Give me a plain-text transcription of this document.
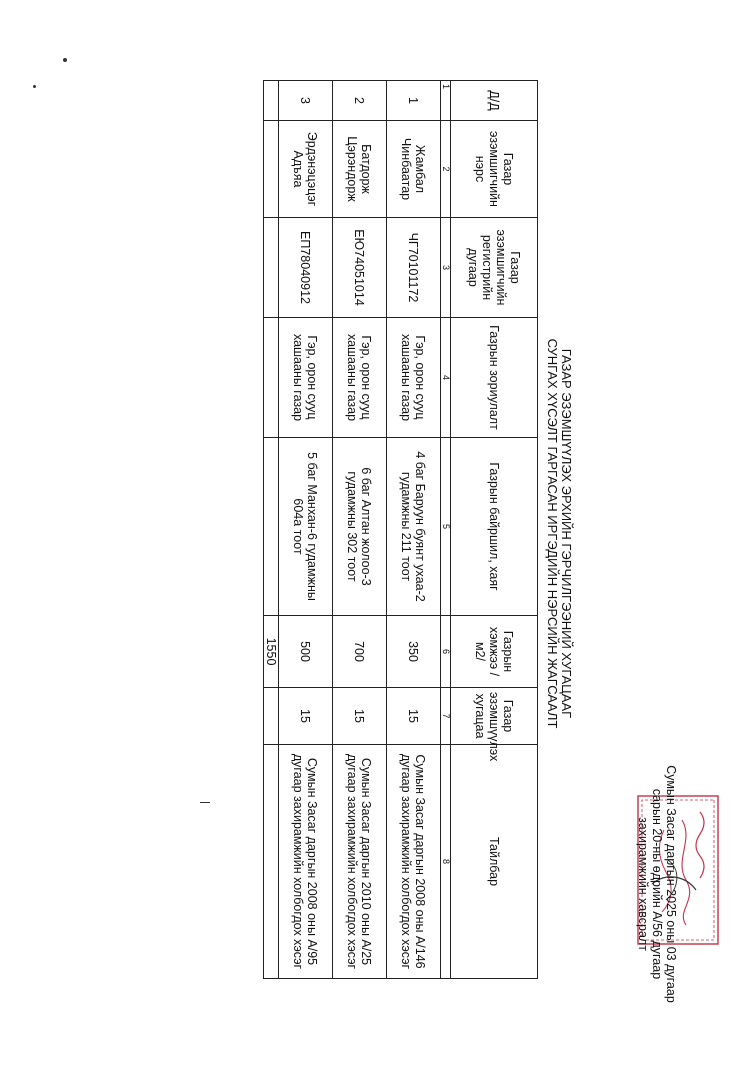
Сумын Засаг даргын 2025 оны 03 дугаар
сарын 20-ны өдрийн А/56 дугаар
захирамжийн хавсралт
ГАЗАР ЭЗЭМШҮҮЛЭХ ЭРХИЙН ГЭРЧИЛГЭЭНИЙ ХУГАЦААГ
СУНГАХ ХҮСЭЛТ ГАРГАСАН ИРГЭДИЙН НЭРСИЙН ЖАГСААЛТ
Д/Д	Газар эзэмшигчийн нэрс	Газар эзэмшигчийн регистрийн дугаар	Газрын зориулалт	Газрын байршил, хаяг	Газрын хэмжээ / м2/	Газар эзэмшүүлэх хугацаа	Тайлбар
1	2	3	4	5	6	7	8
1	Жамбал Чинбаатар	ЧГ70101172	Гэр, орон сууц хашааны газар	4 баг Баруун буянт ухаа-2 гудамжны 211 тоот	350	15	Сумын Засаг даргын 2008 оны А/146 дугаар захирамжийн холбогдох хэсэг
2	Батдорж Цэрэндорж	ЕЮ74051014	Гэр, орон сууц хашааны газар	6 баг Алтан жолоо-3 гудамжны 302 тоот	700	15	Сумын Засаг даргын 2010 оны А/25 дугаар захирамжийн холбогдох хэсэг
3	Эрдэнэцэцэг Адъяа	ЕП78040912	Гэр, орон сууц хашааны газар	5 баг Манхан-6 гудамжны 604а тоот	500	15	Сумын Засаг даргын 2008 оны А/95 дугаар захирамжийн холбогдох хэсэг
					1550		
